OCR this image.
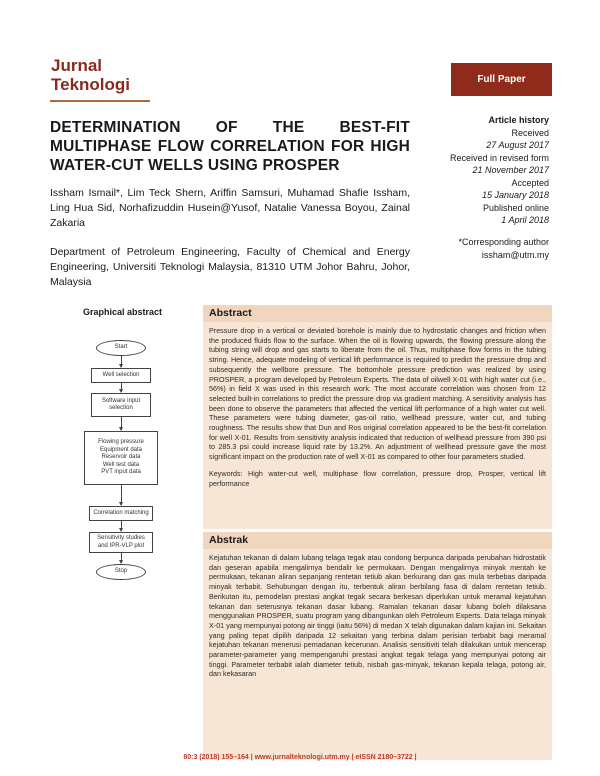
Jurnal
Teknologi	Full Paper
DETERMINATION OF THE BEST-FIT MULTIPHASE FLOW CORRELATION FOR HIGH WATER-CUT WELLS USING PROSPER
Issham Ismail*, Lim Teck Shern, Ariffin Samsuri, Muhamad Shafie Issham, Ling Hua Sid, Norhafizuddin Husein@Yusof, Natalie Vanessa Boyou, Zainal Zakaria
Department of Petroleum Engineering, Faculty of Chemical and Energy Engineering, Universiti Teknologi Malaysia, 81310 UTM Johor Bahru, Johor, Malaysia
Article history
Received
27 August 2017
Received in revised form
21 November 2017
Accepted
15 January 2018
Published online
1 April 2018
*Corresponding author
issham@utm.my
Graphical abstract
Start
Well selection
Software input selection
Flowing pressure
Equipment data
Reservoir data
Well test data
PVT input data
Correlation matching
Sensitivity studies
and IPR-VLP plot
Stop
Abstract
Pressure drop in a vertical or deviated borehole is mainly due to hydrostatic changes and friction when the produced fluids flow to the surface. When the oil is flowing upwards, the flowing pressure along the tubing string will drop and gas starts to liberate from the oil. Thus, multiphase flow forms in the tubing string. Hence, adequate modeling of vertical lift performance is required to predict the pressure drop and subsequently the wellbore pressure. The bottomhole pressure prediction was realized by using PROSPER, a program developed by Petroleum Experts. The data of oilwell X-01 with high water cut (i.e., 56%) in field X was used in this research work. The most accurate correlation was chosen from 12 selected built-in correlations to predict the pressure drop via gradient matching. A sensitivity analysis has been done to observe the parameters that affected the vertical lift performance of a high water cut well. These parameters were tubing diameter, gas-oil ratio, wellhead pressure, water cut, and tubing roughness. The results show that Dun and Ros original correlation appeared to be the best-fit correlation for well X-01. Results from sensitivity analysis indicated that reduction of wellhead pressure from 390 psi to 285.3 psi could increase liquid rate by 13.2%. An adjustment of wellhead pressure gave the most significant impact on the production rate of well X-01 as compared to other four parameters studied.
Keywords: High water-cut well, multiphase flow correlation, pressure drop, Prosper, vertical lift performance
Abstrak
Kejatuhan tekanan di dalam lubang telaga tegak atau condong berpunca daripada perubahan hidrostatik dan geseran apabila mengalirnya bendalir ke permukaan. Dengan mengalirnya minyak mentah ke permukaan, tekanan aliran sepanjang rentetan tetiub akan berkurang dan gas mula terbebas daripada minyak terbabit. Sehubungan dengan itu, terbentuk aliran berbilang fasa di dalam rentetan tetiub. Berikutan itu, pemodelan prestasi angkat tegak secara berkesan diperlukan untuk meramal kejatuhan tekanan dan seterusnya tekanan dasar lubang. Ramalan tekanan dasar lubang boleh dilaksana menggunakan PROSPER, suatu program yang dibangunkan oleh Petroleum Experts. Data telaga minyak X-01 yang mempunyai potong air tinggi (iaitu 56%) di medan X telah digunakan dalam kajian ini. Sekaitan yang paling tepat dipilih daripada 12 sekaitan yang terbina dalam perisian terbabit bagi meramal kejatuhan tekanan menerusi pemadanan kecerunan. Analisis sensitiviti telah dilakukan untuk mencerap parameter-parameter yang mempengaruhi prestasi angkat tegak telaga yang mempunyai potong air tinggi. Parameter terbabit ialah diameter tetiub, nisbah gas-minyak, tekanan kepala telaga, potong air, dan kekasaran
80:3 (2018) 155–164 | www.jurnalteknologi.utm.my | eISSN 2180–3722 |
